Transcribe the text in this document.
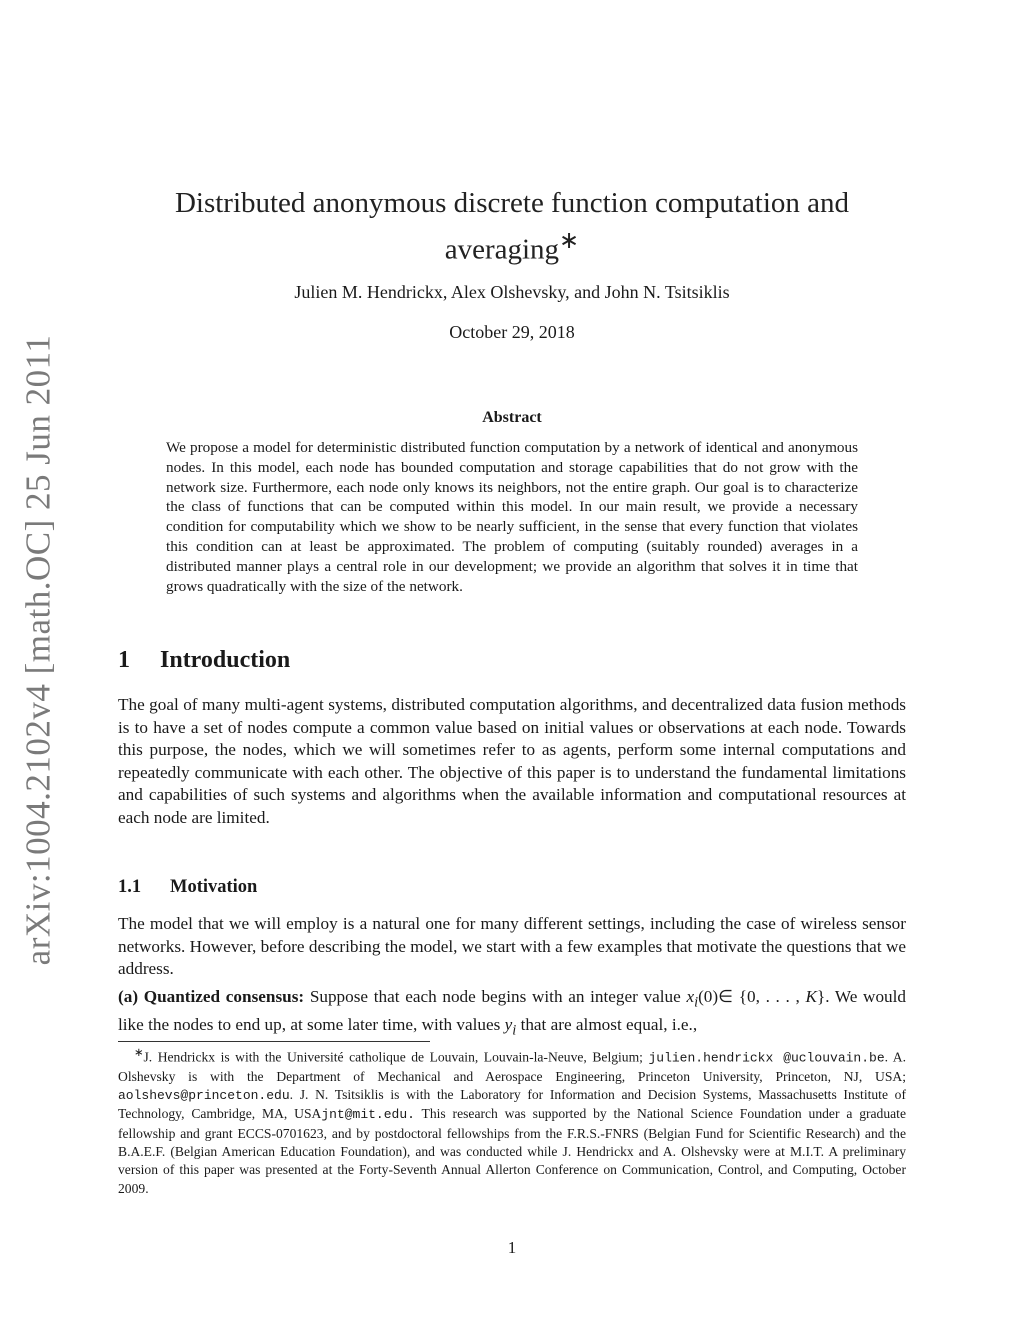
arXiv:1004.2102v4 [math.OC] 25 Jun 2011
Distributed anonymous discrete function computation and
averaging∗
Julien M. Hendrickx, Alex Olshevsky, and John N. Tsitsiklis
October 29, 2018
Abstract
We propose a model for deterministic distributed function computation by a network of identical and anonymous nodes. In this model, each node has bounded computation and storage capabilities that do not grow with the network size. Furthermore, each node only knows its neighbors, not the entire graph. Our goal is to characterize the class of functions that can be computed within this model. In our main result, we provide a necessary condition for computability which we show to be nearly sufficient, in the sense that every function that violates this condition can at least be approximated. The problem of computing (suitably rounded) averages in a distributed manner plays a central role in our development; we provide an algorithm that solves it in time that grows quadratically with the size of the network.
1 Introduction
The goal of many multi-agent systems, distributed computation algorithms, and decentralized data fusion methods is to have a set of nodes compute a common value based on initial values or observations at each node. Towards this purpose, the nodes, which we will sometimes refer to as agents, perform some internal computations and repeatedly communicate with each other. The objective of this paper is to understand the fundamental limitations and capabilities of such systems and algorithms when the available information and computational resources at each node are limited.
1.1 Motivation
The model that we will employ is a natural one for many different settings, including the case of wireless sensor networks. However, before describing the model, we start with a few examples that motivate the questions that we address.
(a) Quantized consensus: Suppose that each node begins with an integer value $x_i(0)\in$ {0, . . . , K}. We would like the nodes to end up, at some later time, with values $y_i$ that are almost equal, i.e.,
∗J. Hendrickx is with the Université catholique de Louvain, Louvain-la-Neuve, Belgium; julien.hendrickx @uclouvain.be. A. Olshevsky is with the Department of Mechanical and Aerospace Engineering, Princeton University, Princeton, NJ, USA; aolshevs@princeton.edu. J. N. Tsitsiklis is with the Laboratory for Information and Decision Systems, Massachusetts Institute of Technology, Cambridge, MA, USAjnt@mit.edu. This research was supported by the National Science Foundation under a graduate fellowship and grant ECCS-0701623, and by postdoctoral fellowships from the F.R.S.-FNRS (Belgian Fund for Scientific Research) and the B.A.E.F. (Belgian American Education Foundation), and was conducted while J. Hendrickx and A. Olshevsky were at M.I.T. A preliminary version of this paper was presented at the Forty-Seventh Annual Allerton Conference on Communication, Control, and Computing, October 2009.
1
